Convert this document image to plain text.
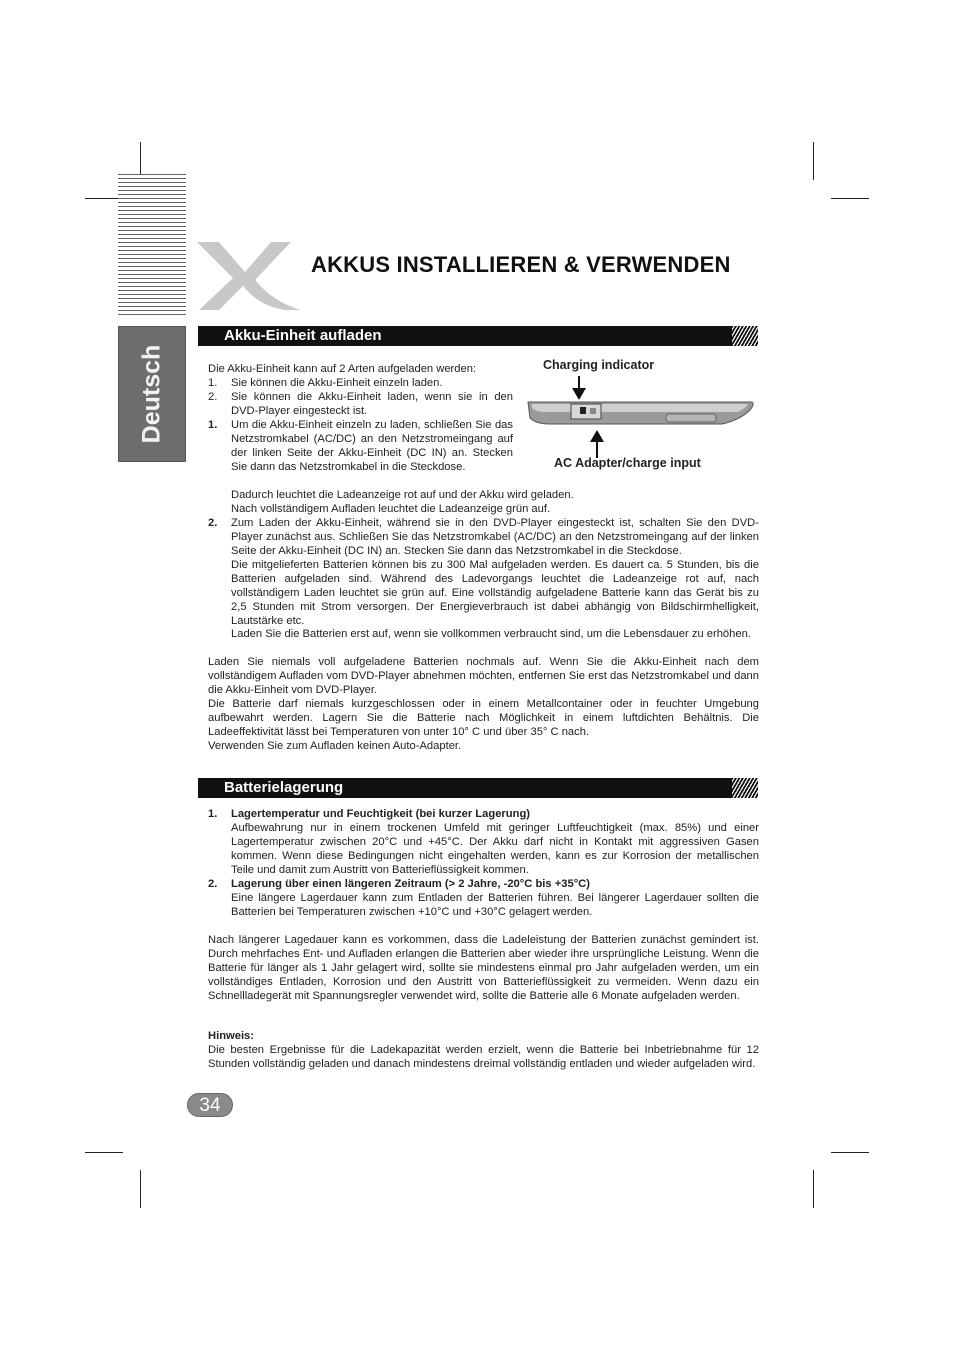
Deutsch
AKKUS INSTALLIEREN & VERWENDEN
Akku-Einheit aufladen
Charging indicator
AC Adapter/charge input
Die Akku-Einheit kann auf 2 Arten aufgeladen werden:
1.	Sie können die Akku-Einheit einzeln laden.
2.	Sie können die Akku-Einheit laden, wenn sie in den DVD-Player eingesteckt ist.
1.	Um die Akku-Einheit einzeln zu laden, schließen Sie das Netzstromkabel (AC/DC) an den Netzstromeingang auf der linken Seite der Akku-Einheit (DC IN) an. Stecken Sie dann das Netzstromkabel in die Steckdose.
Dadurch leuchtet die Ladeanzeige rot auf und der Akku wird geladen.
Nach vollständigem Aufladen leuchtet die Ladeanzeige grün auf.
2.	Zum Laden der Akku-Einheit, während sie in den DVD-Player eingesteckt ist, schalten Sie den DVD-Player zunächst aus. Schließen Sie das Netzstromkabel (AC/DC) an den Netzstromeingang auf der linken Seite der Akku-Einheit (DC IN) an. Stecken Sie dann das Netzstromkabel in die Steckdose.
Die mitgelieferten Batterien können bis zu 300 Mal aufgeladen werden. Es dauert ca. 5 Stunden, bis die Batterien aufgeladen sind. Während des Ladevorgangs leuchtet die Ladeanzeige rot auf, nach vollständigem Laden leuchtet sie grün auf. Eine vollständig aufgeladene Batterie kann das Gerät bis zu 2,5 Stunden mit Strom versorgen. Der Energieverbrauch ist dabei abhängig von Bildschirmhelligkeit, Lautstärke etc.
Laden Sie die Batterien erst auf, wenn sie vollkommen verbraucht sind, um die Lebensdauer zu erhöhen.
Laden Sie niemals voll aufgeladene Batterien nochmals auf. Wenn Sie die Akku-Einheit nach dem vollständigem Aufladen vom DVD-Player abnehmen möchten, entfernen Sie erst das Netzstromkabel und dann die Akku-Einheit vom DVD-Player.
Die Batterie darf niemals kurzgeschlossen oder in einem Metallcontainer oder in feuchter Umgebung aufbewahrt werden. Lagern Sie die Batterie nach Möglichkeit in einem luftdichten Behältnis. Die Ladeeffektivität lässt bei Temperaturen von unter 10° C und über 35° C nach.
Verwenden Sie zum Aufladen keinen Auto-Adapter.
Batterielagerung
1.	Lagertemperatur und Feuchtigkeit (bei kurzer Lagerung)
Aufbewahrung nur in einem trockenen Umfeld mit geringer Luftfeuchtigkeit (max. 85%) und einer Lagertemperatur zwischen 20°C und +45°C. Der Akku darf nicht in Kontakt mit aggressiven Gasen kommen. Wenn diese Bedingungen nicht eingehalten werden, kann es zur Korrosion der metallischen Teile und damit zum Austritt von Batterieflüssigkeit kommen.
2.	Lagerung über einen längeren Zeitraum (> 2 Jahre, -20°C bis +35°C)
Eine längere Lagerdauer kann zum Entladen der Batterien führen. Bei längerer Lagerdauer sollten die Batterien bei Temperaturen zwischen +10°C und +30°C gelagert werden.
Nach längerer Lagedauer kann es vorkommen, dass die Ladeleistung der Batterien zunächst gemindert ist. Durch mehrfaches Ent- und Aufladen erlangen die Batterien aber wieder ihre ursprüngliche Leistung. Wenn die Batterie für länger als 1 Jahr gelagert wird, sollte sie mindestens einmal pro Jahr aufgeladen werden, um ein vollständiges Entladen, Korrosion und den Austritt von Batterieflüssigkeit zu vermeiden. Wenn dazu ein Schnellladegerät mit Spannungsregler verwendet wird, sollte die Batterie alle 6 Monate aufgeladen werden.
Hinweis:
Die besten Ergebnisse für die Ladekapazität werden erzielt, wenn die Batterie bei Inbetriebnahme für 12 Stunden vollständig geladen und danach mindestens dreimal vollständig entladen und wieder aufgeladen wird.
34
